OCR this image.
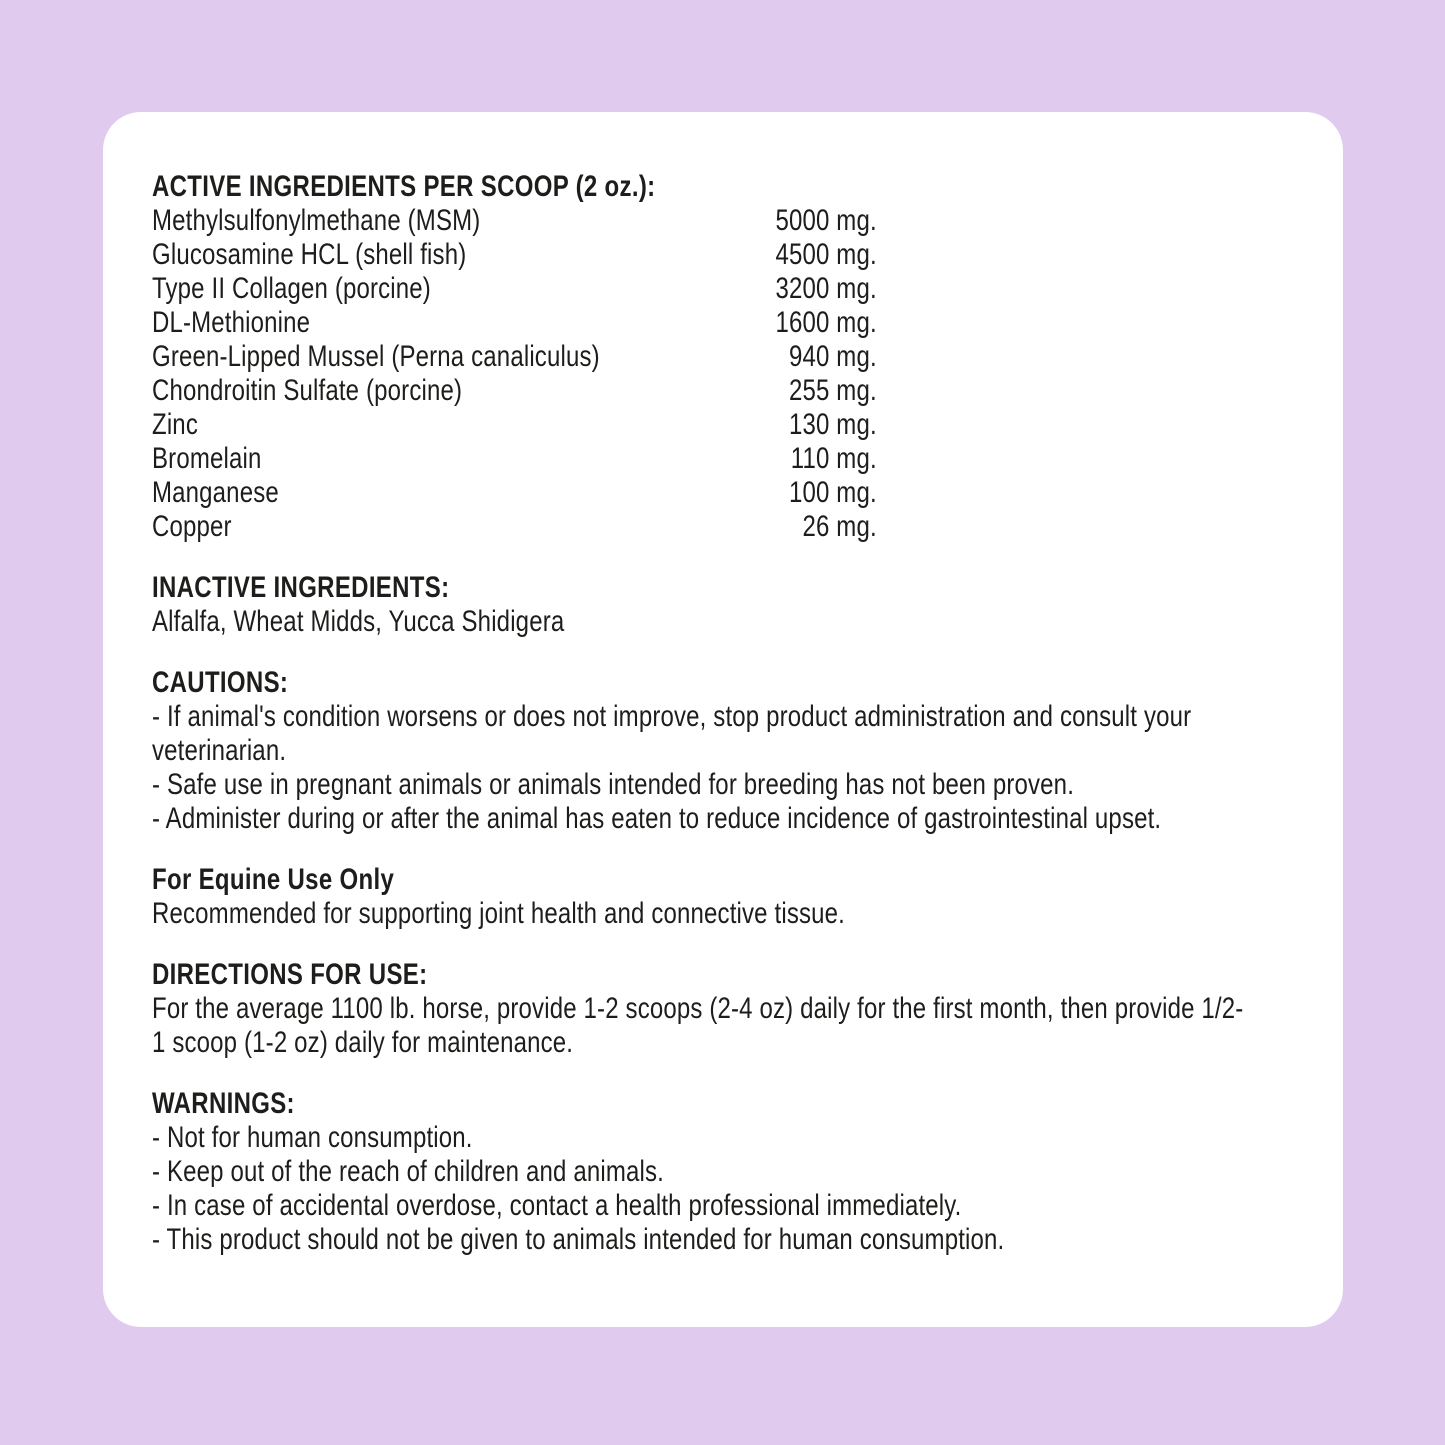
ACTIVE INGREDIENTS PER SCOOP (2 oz.):
Methylsulfonylmethane (MSM)	5000 mg.
Glucosamine HCL (shell fish)	4500 mg.
Type II Collagen (porcine)	3200 mg.
DL-Methionine	1600 mg.
Green-Lipped Mussel (Perna canaliculus)	940 mg.
Chondroitin Sulfate (porcine)	255 mg.
Zinc	130 mg.
Bromelain	110 mg.
Manganese	100 mg.
Copper	26 mg.
INACTIVE INGREDIENTS:

Alfalfa, Wheat Midds, Yucca Shidigera

CAUTIONS:

- If animal's condition worsens or does not improve, stop product administration and consult your veterinarian.

- Safe use in pregnant animals or animals intended for breeding has not been proven.

- Administer during or after the animal has eaten to reduce incidence of gastrointestinal upset.

For Equine Use Only

Recommended for supporting joint health and connective tissue.

DIRECTIONS FOR USE:

For the average 1100 lb. horse, provide 1-2 scoops (2-4 oz) daily for the first month, then provide 1/2-1 scoop (1-2 oz) daily for maintenance.

WARNINGS:

- Not for human consumption.

- Keep out of the reach of children and animals.

- In case of accidental overdose, contact a health professional immediately.

- This product should not be given to animals intended for human consumption.
